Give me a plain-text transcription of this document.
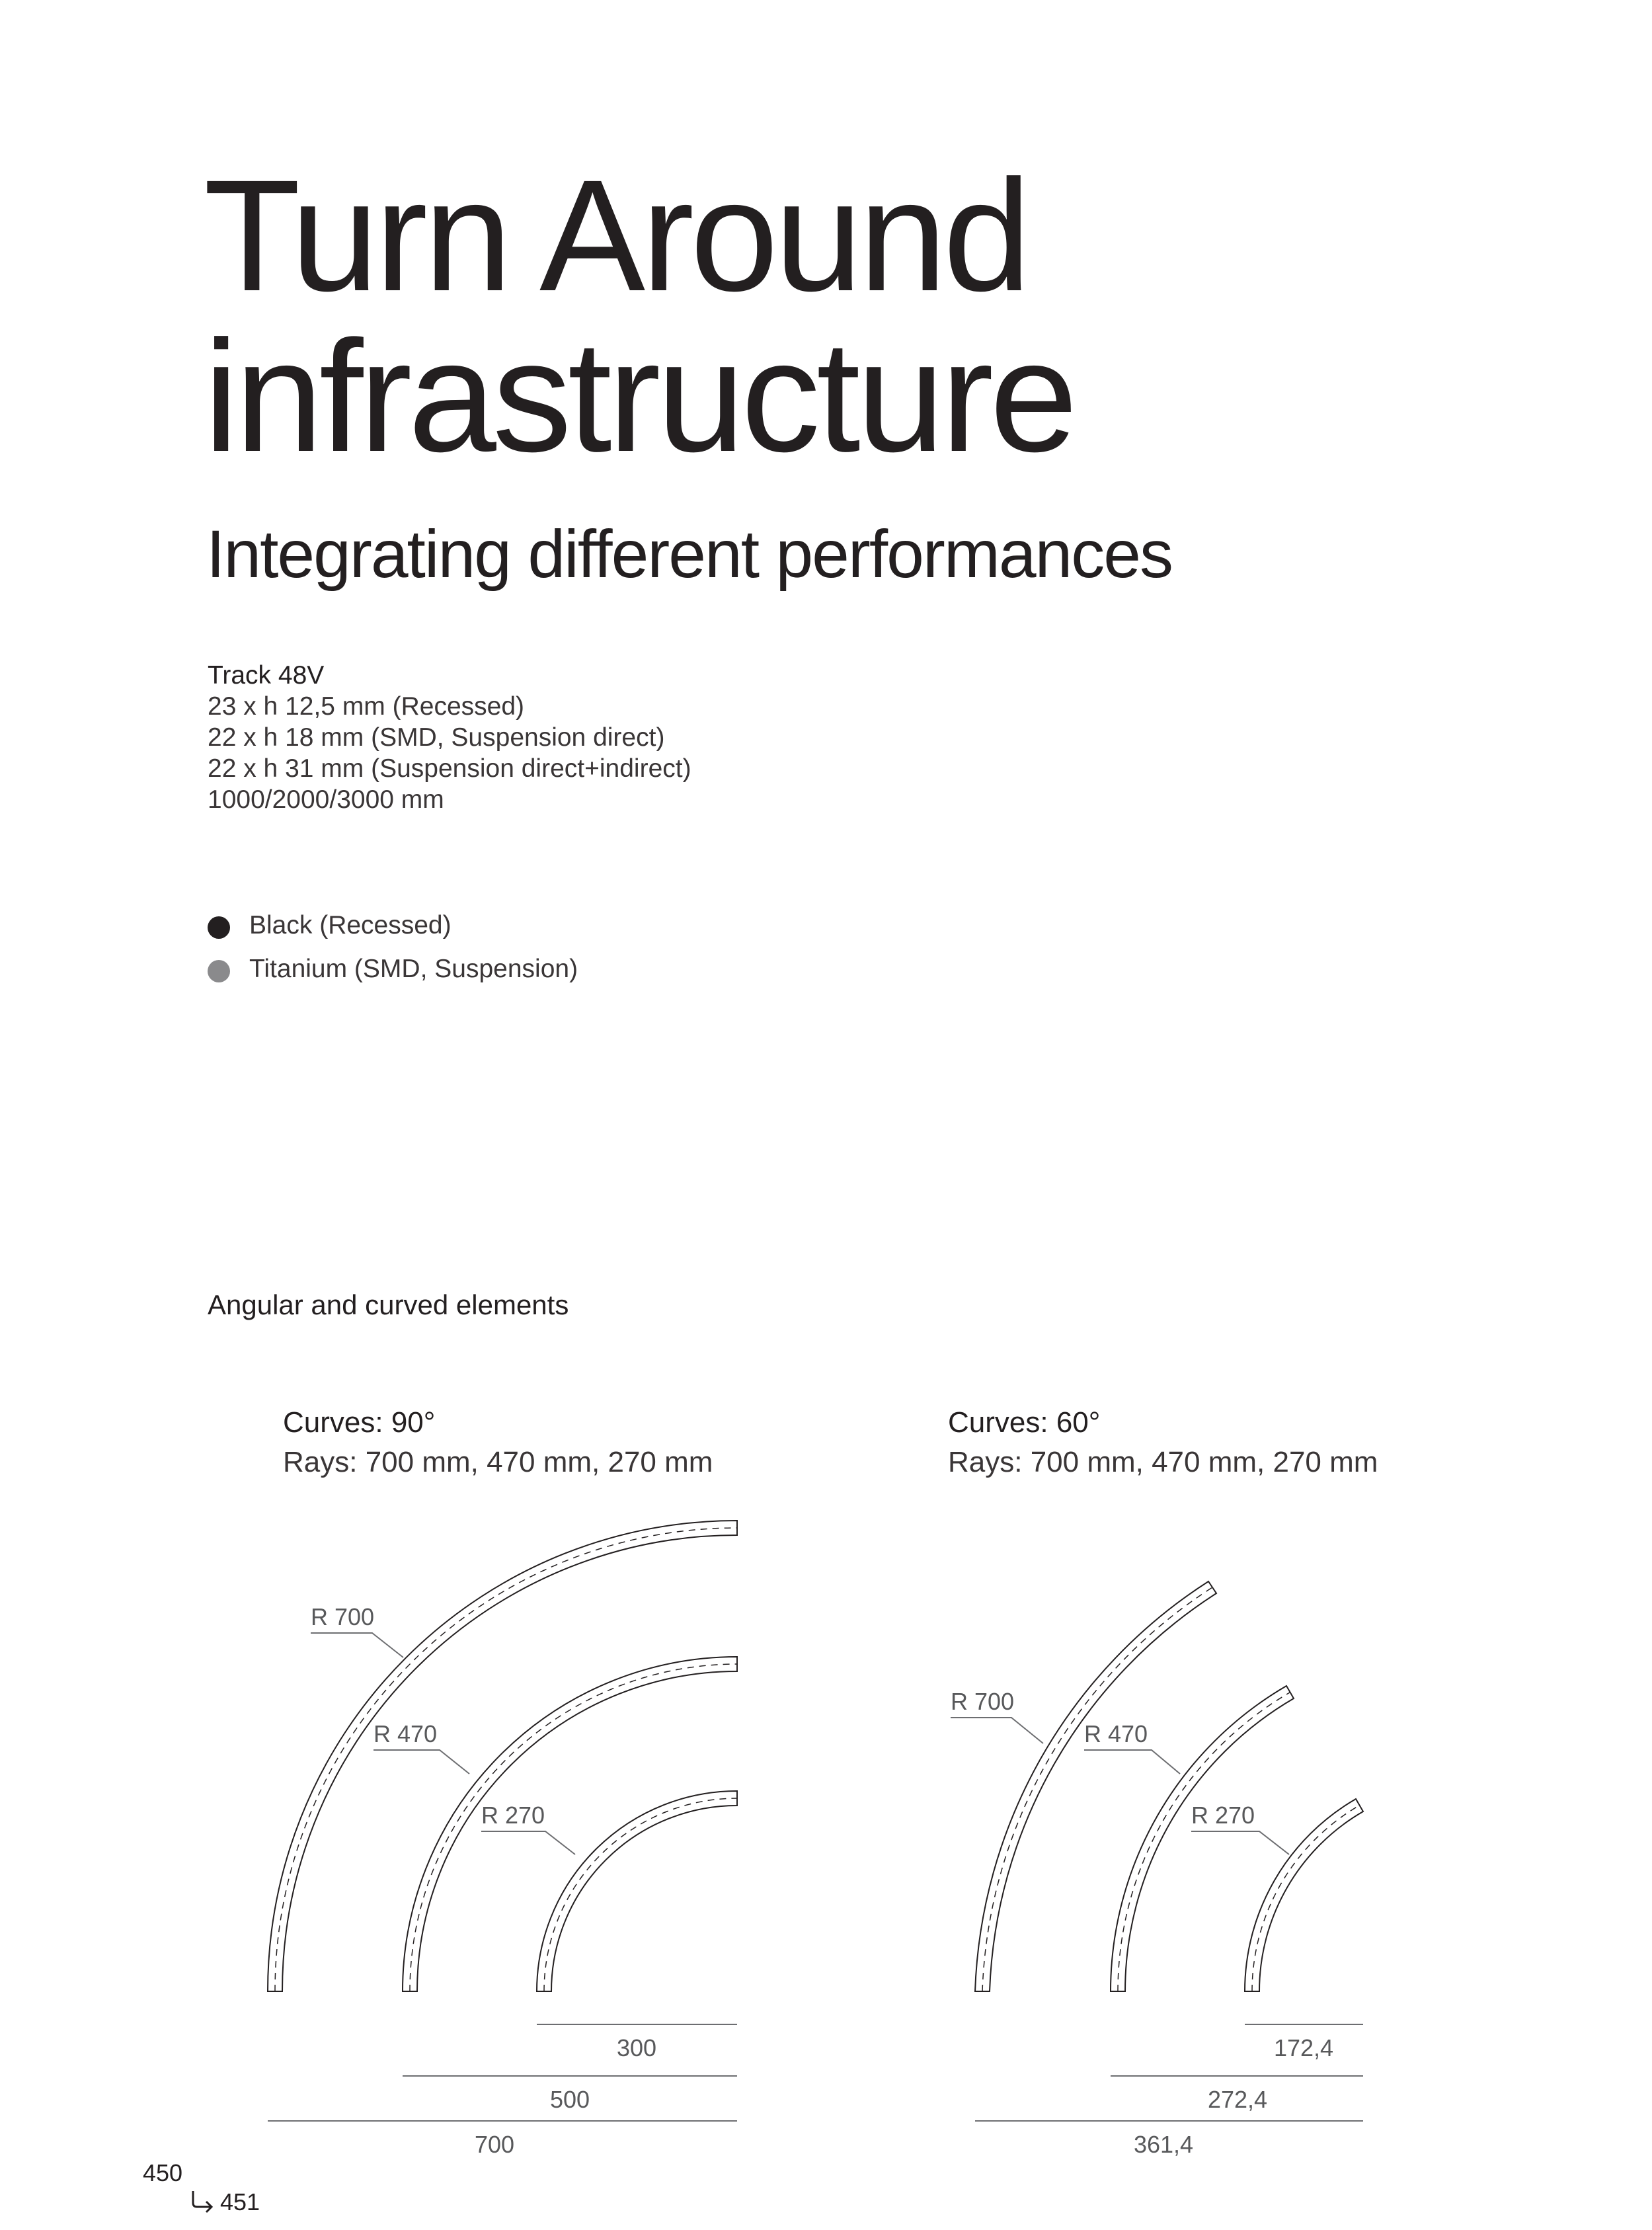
Turn Around
infrastructure
Integrating different performances
Track 48V
23 x h 12,5 mm (Recessed)
22 x h 18 mm (SMD, Suspension direct)
22 x h 31 mm (Suspension direct+indirect)
1000/2000/3000 mm
Black (Recessed)
Titanium (SMD, Suspension)
Angular and curved elements
Curves: 90°
Rays: 700 mm, 470 mm, 270 mm
Curves: 60°
Rays: 700 mm, 470 mm, 270 mm
R 700
R 470
R 270
300
500
700
R 700
R 470
R 270
172,4
272,4
361,4
450
451
